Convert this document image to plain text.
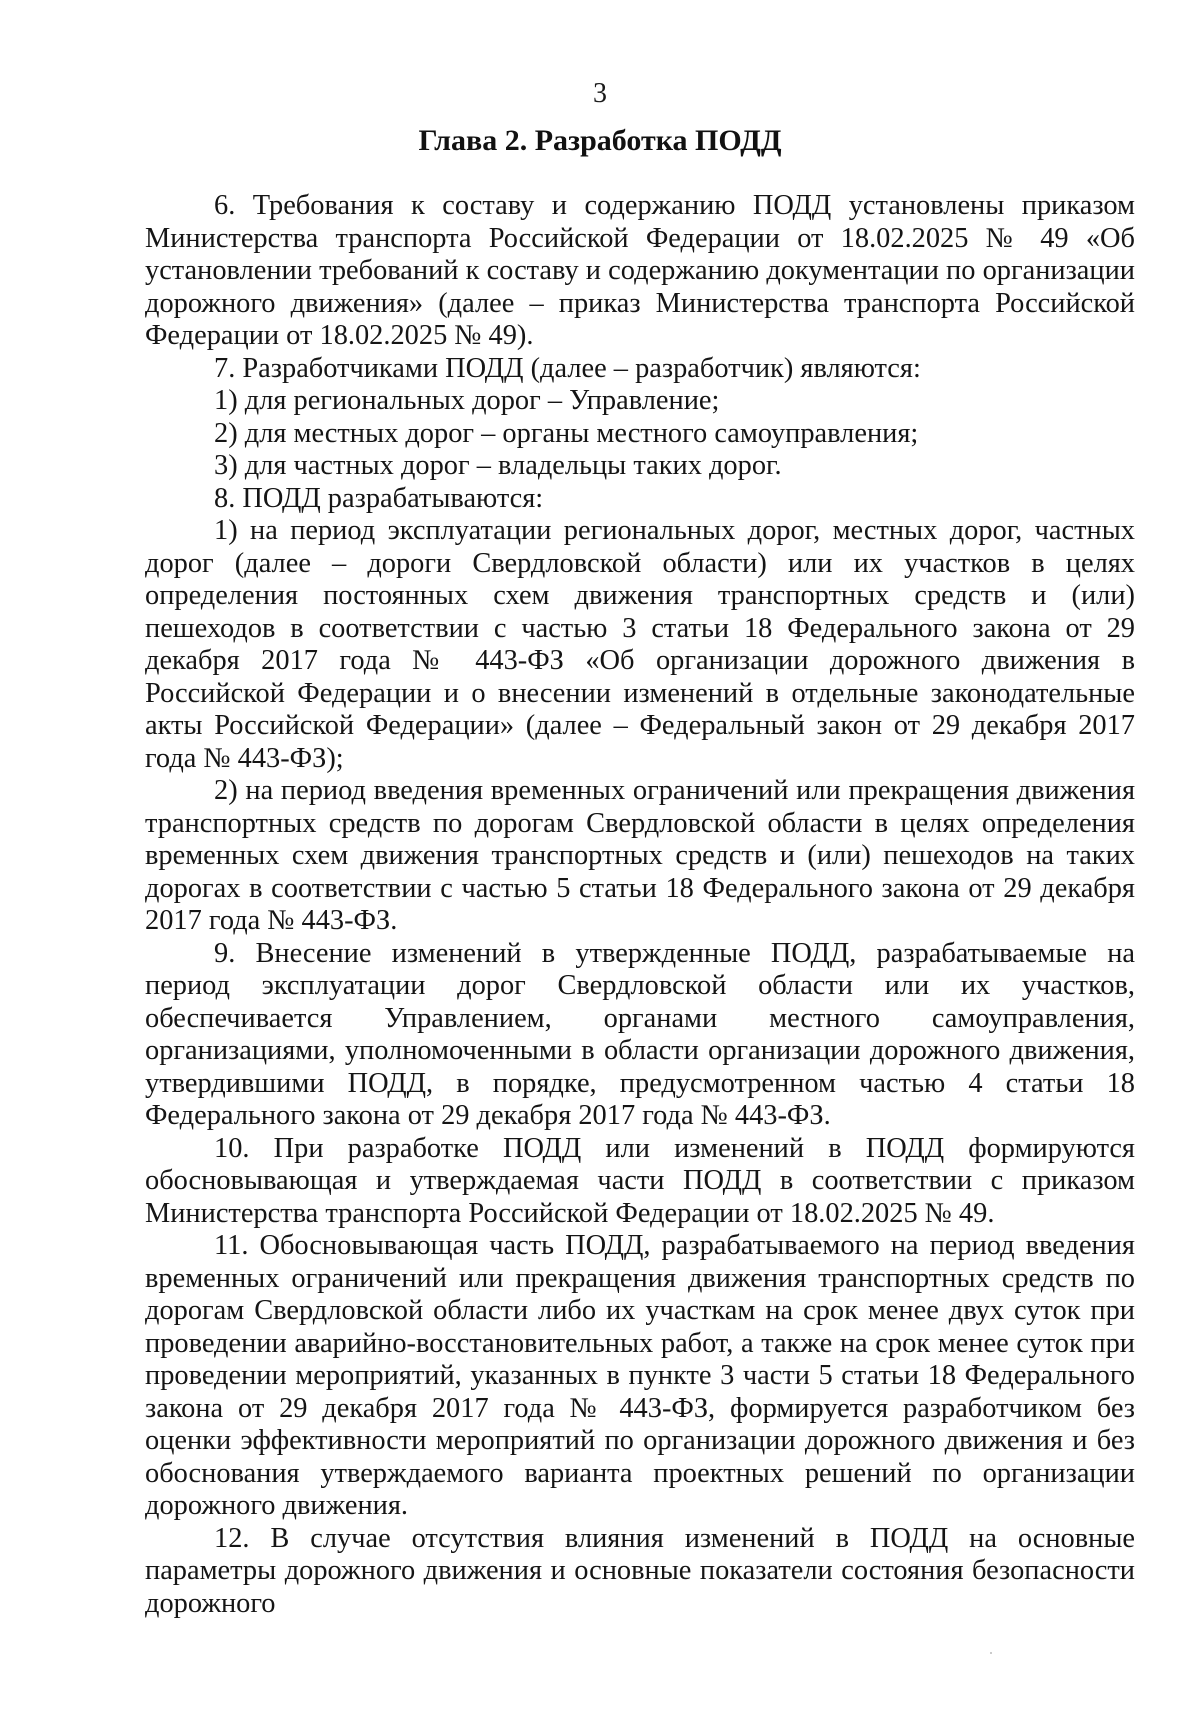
3
Глава 2. Разработка ПОДД

6. Требования к составу и содержанию ПОДД установлены приказом Министерства транспорта Российской Федерации от 18.02.2025 № 49 «Об установлении требований к составу и содержанию документации по организации дорожного движения» (далее – приказ Министерства транспорта Российской Федерации от 18.02.2025 № 49).

7. Разработчиками ПОДД (далее – разработчик) являются:

1) для региональных дорог – Управление;

2) для местных дорог – органы местного самоуправления;

3) для частных дорог – владельцы таких дорог.

8. ПОДД разрабатываются:

1) на период эксплуатации региональных дорог, местных дорог, частных дорог (далее – дороги Свердловской области) или их участков в целях определения постоянных схем движения транспортных средств и (или) пешеходов в соответствии с частью 3 статьи 18 Федерального закона от 29 декабря 2017 года № 443-ФЗ «Об организации дорожного движения в Российской Федерации и о внесении изменений в отдельные законодательные акты Российской Федерации» (далее – Федеральный закон от 29 декабря 2017 года № 443-ФЗ);

2) на период введения временных ограничений или прекращения движения транспортных средств по дорогам Свердловской области в целях определения временных схем движения транспортных средств и (или) пешеходов на таких дорогах в соответствии с частью 5 статьи 18 Федерального закона от 29 декабря 2017 года № 443-ФЗ.

9. Внесение изменений в утвержденные ПОДД, разрабатываемые на период эксплуатации дорог Свердловской области или их участков, обеспечивается Управлением, органами местного самоуправления, организациями, уполномоченными в области организации дорожного движения, утвердившими ПОДД, в порядке, предусмотренном частью 4 статьи 18 Федерального закона от 29 декабря 2017 года № 443-ФЗ.

10. При разработке ПОДД или изменений в ПОДД формируются обосновывающая и утверждаемая части ПОДД в соответствии с приказом Министерства транспорта Российской Федерации от 18.02.2025 № 49.

11. Обосновывающая часть ПОДД, разрабатываемого на период введения временных ограничений или прекращения движения транспортных средств по дорогам Свердловской области либо их участкам на срок менее двух суток при проведении аварийно-восстановительных работ, а также на срок менее суток при проведении мероприятий, указанных в пункте 3 части 5 статьи 18 Федерального закона от 29 декабря 2017 года № 443-ФЗ, формируется разработчиком без оценки эффективности мероприятий по организации дорожного движения и без обоснования утверждаемого варианта проектных решений по организации дорожного движения.

12. В случае отсутствия влияния изменений в ПОДД на основные параметры дорожного движения и основные показатели состояния безопасности дорожного
